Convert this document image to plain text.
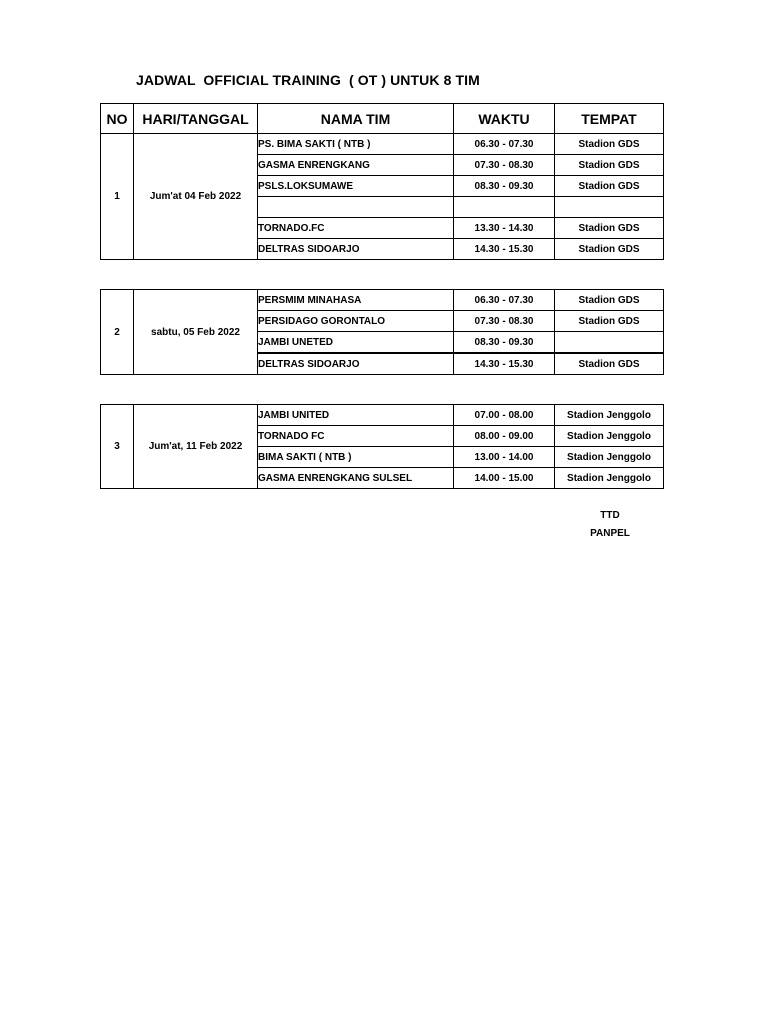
JADWAL  OFFICIAL TRAINING  ( OT ) UNTUK 8 TIM
NO	HARI/TANGGAL	NAMA TIM	WAKTU	TEMPAT
1	Jum'at 04 Feb 2022	PS. BIMA SAKTI ( NTB )	06.30 - 07.30	Stadion GDS
		GASMA ENRENGKANG	07.30 - 08.30	Stadion GDS
		PSLS.LOKSUMAWE	08.30 - 09.30	Stadion GDS

		TORNADO.FC	13.30 - 14.30	Stadion GDS
		DELTRAS SIDOARJO	14.30 - 15.30	Stadion GDS
2	sabtu, 05 Feb 2022	PERSMIM MINAHASA	06.30 - 07.30	Stadion GDS
		PERSIDAGO GORONTALO	07.30 - 08.30	Stadion GDS
		JAMBI UNETED	08.30 - 09.30	
		DELTRAS SIDOARJO	14.30 - 15.30	Stadion GDS
3	Jum'at, 11 Feb 2022	JAMBI UNITED	07.00 - 08.00	Stadion Jenggolo
		TORNADO FC	08.00 - 09.00	Stadion Jenggolo
		BIMA SAKTI ( NTB )	13.00 - 14.00	Stadion Jenggolo
		GASMA ENRENGKANG SULSEL	14.00 - 15.00	Stadion Jenggolo
TTD
PANPEL
